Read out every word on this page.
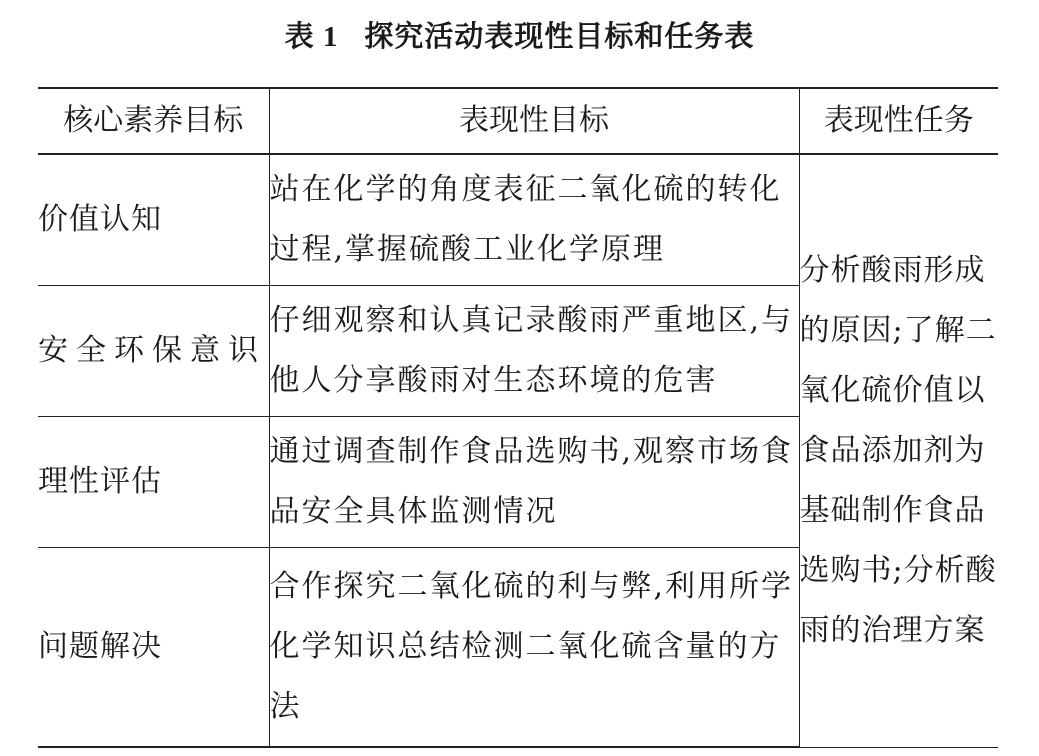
表 1 探究活动表现性目标和任务表
核心素养目标	表现性目标	表现性任务
价值认知	站在化学的角度表征二氧化硫的转化过程,掌握硫酸工业化学原理	分析酸雨形成的原因;了解二氧化硫价值以食品添加剂为基础制作食品选购书;分析酸雨的治理方案
安全环保意识	仔细观察和认真记录酸雨严重地区,与他人分享酸雨对生态环境的危害	
理性评估	通过调查制作食品选购书,观察市场食品安全具体监测情况	
问题解决	合作探究二氧化硫的利与弊,利用所学化学知识总结检测二氧化硫含量的方法	
